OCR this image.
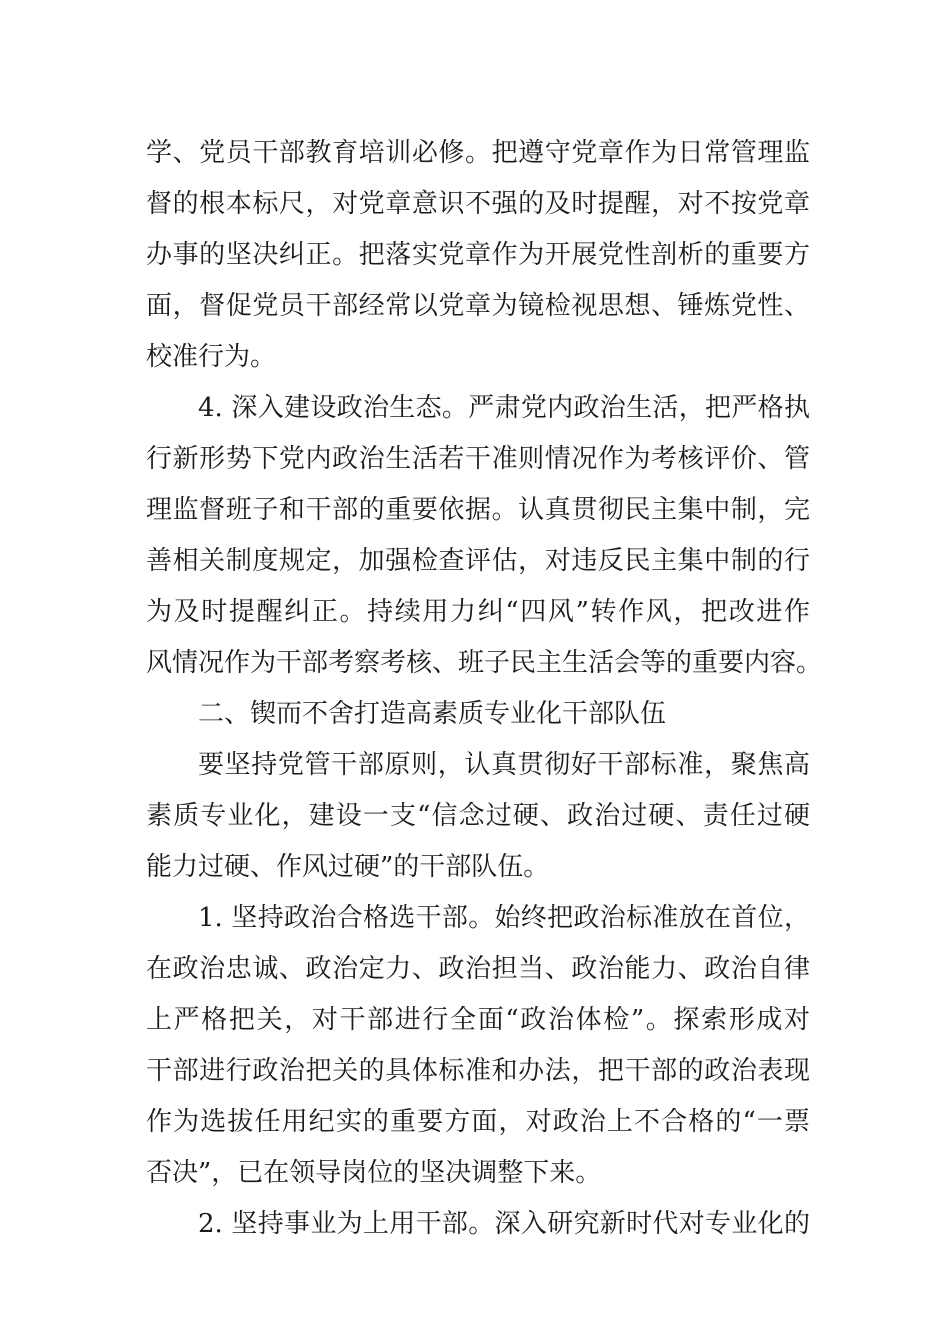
学、党员干部教育培训必修。把遵守党章作为日常管理监
督的根本标尺，对党章意识不强的及时提醒，对不按党章
办事的坚决纠正。把落实党章作为开展党性剖析的重要方
面，督促党员干部经常以党章为镜检视思想、锤炼党性、
校准行为。
4. 深入建设政治生态。严肃党内政治生活，把严格执
行新形势下党内政治生活若干准则情况作为考核评价、管
理监督班子和干部的重要依据。认真贯彻民主集中制，完
善相关制度规定，加强检查评估，对违反民主集中制的行
为及时提醒纠正。持续用力纠“四风”转作风，把改进作
风情况作为干部考察考核、班子民主生活会等的重要内容。
二、锲而不舍打造高素质专业化干部队伍
要坚持党管干部原则，认真贯彻好干部标准，聚焦高
素质专业化，建设一支“信念过硬、政治过硬、责任过硬
能力过硬、作风过硬”的干部队伍。
1. 坚持政治合格选干部。始终把政治标准放在首位，
在政治忠诚、政治定力、政治担当、政治能力、政治自律
上严格把关，对干部进行全面“政治体检”。探索形成对
干部进行政治把关的具体标准和办法，把干部的政治表现
作为选拔任用纪实的重要方面，对政治上不合格的“一票
否决”，已在领导岗位的坚决调整下来。
2. 坚持事业为上用干部。深入研究新时代对专业化的
